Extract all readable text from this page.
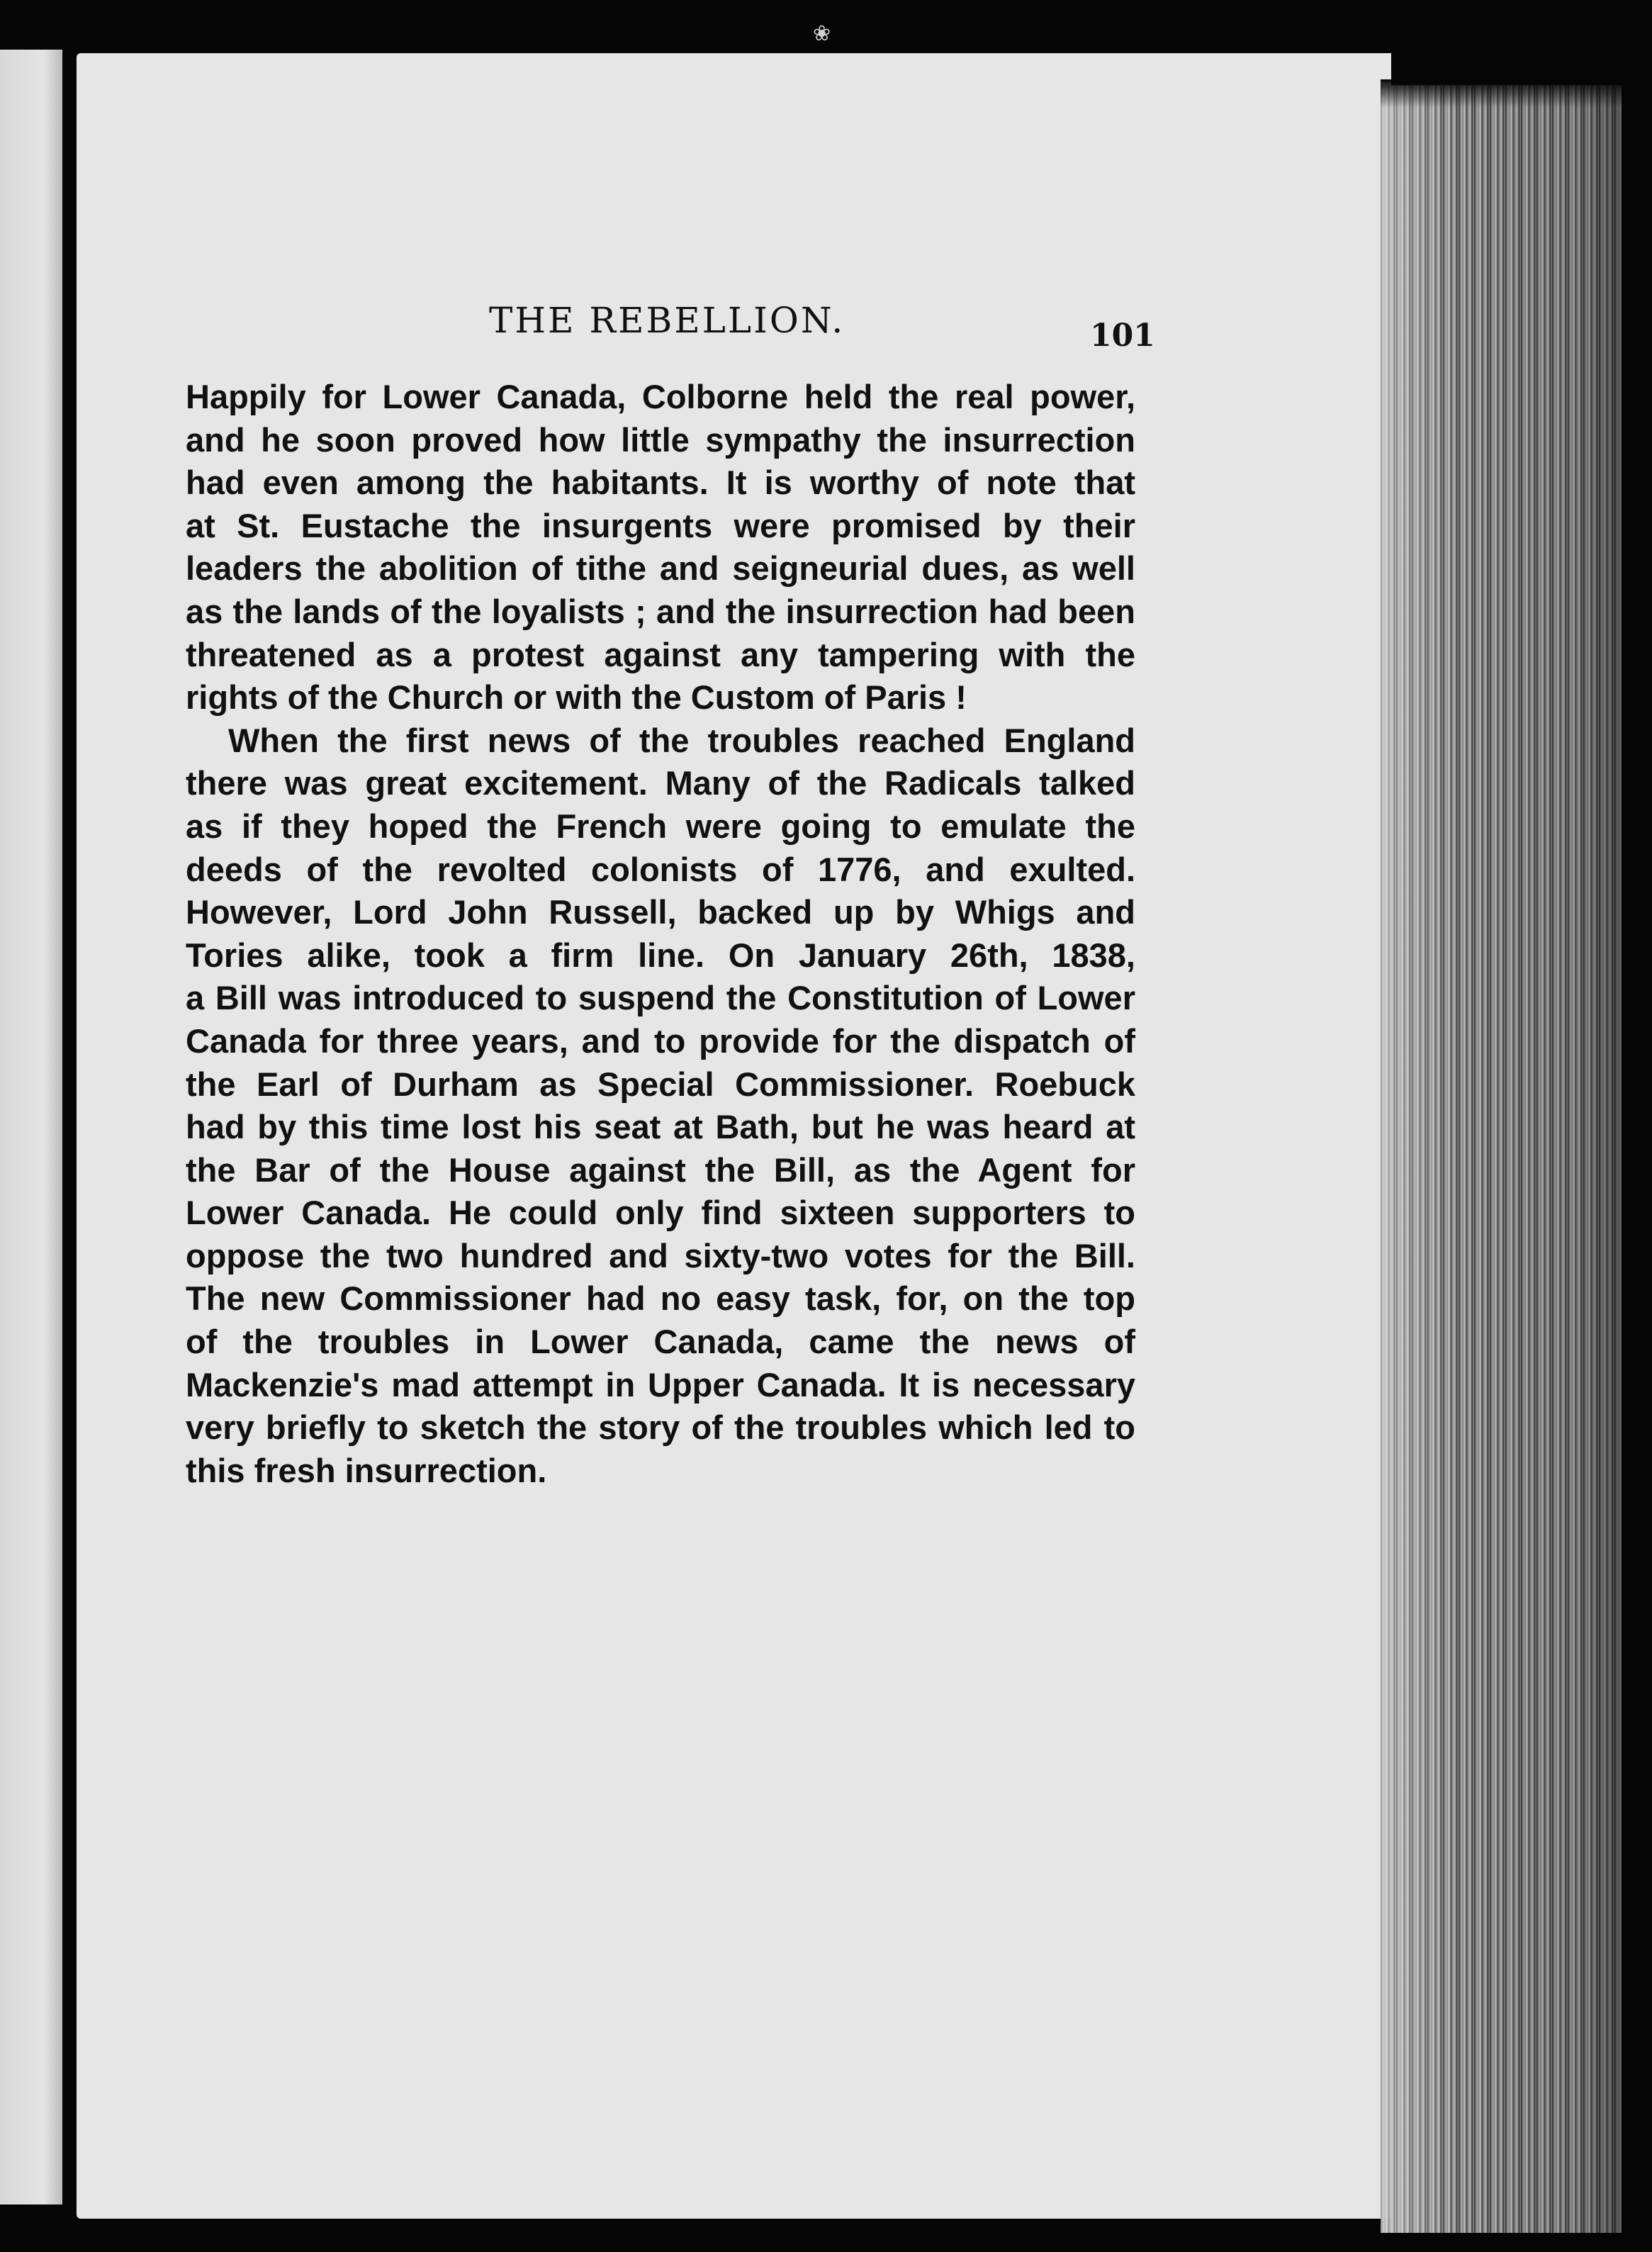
❀
THE REBELLION.	101
Happily for Lower Canada, Colborne held the real power,
and he soon proved how little sympathy the insurrection
had even among the habitants. It is worthy of note that
at St. Eustache the insurgents were promised by their
leaders the abolition of tithe and seigneurial dues, as well
as the lands of the loyalists ; and the insurrection had been
threatened as a protest against any tampering with the
rights of the Church or with the Custom of Paris !
When the first news of the troubles reached England
there was great excitement. Many of the Radicals talked
as if they hoped the French were going to emulate the
deeds of the revolted colonists of 1776, and exulted.
However, Lord John Russell, backed up by Whigs and
Tories alike, took a firm line. On January 26th, 1838,
a Bill was introduced to suspend the Constitution of Lower
Canada for three years, and to provide for the dispatch of
the Earl of Durham as Special Commissioner. Roebuck
had by this time lost his seat at Bath, but he was heard at
the Bar of the House against the Bill, as the Agent for
Lower Canada. He could only find sixteen supporters to
oppose the two hundred and sixty-two votes for the Bill.
The new Commissioner had no easy task, for, on the top
of the troubles in Lower Canada, came the news of
Mackenzie's mad attempt in Upper Canada. It is necessary
very briefly to sketch the story of the troubles which led to
this fresh insurrection.
